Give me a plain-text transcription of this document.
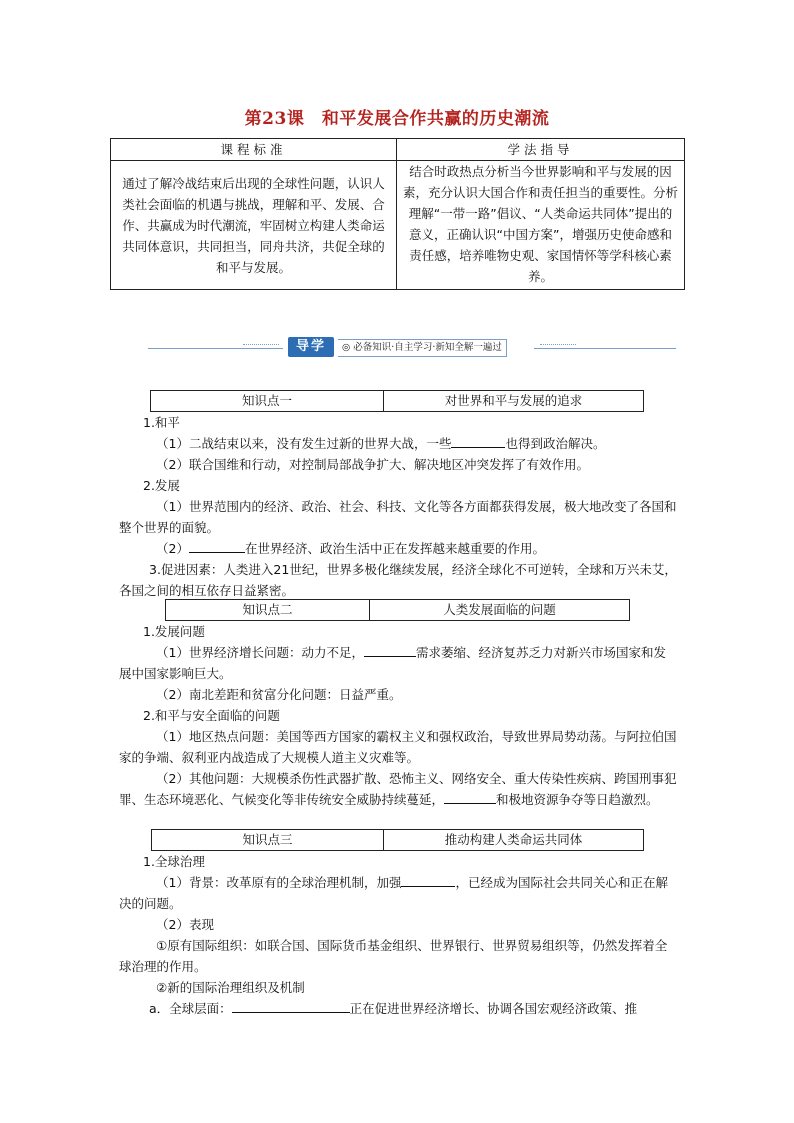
第23课　和平发展合作共赢的历史潮流
课程标准	学法指导
通过了解冷战结束后出现的全球性问题，认识人类社会面临的机遇与挑战，理解和平、发展、合作、共赢成为时代潮流，牢固树立构建人类命运共同体意识，共同担当，同舟共济，共促全球的和平与发展。	结合时政热点分析当今世界影响和平与发展的因素，充分认识大国合作和责任担当的重要性。分析理解“一带一路”倡议、“人类命运共同体”提出的意义，正确认识“中国方案”，增强历史使命感和责任感，培养唯物史观、家国情怀等学科核心素养。
导学	◎ 必备知识·自主学习·新知全解一遍过
知识点一	对世界和平与发展的追求

1.和平

（1）二战结束以来，没有发生过新的世界大战，一些	也得到政治解决。

（2）联合国维和行动，对控制局部战争扩大、解决地区冲突发挥了有效作用。

2.发展

（1）世界范围内的经济、政治、社会、科技、文化等各方面都获得发展，极大地改变了各国和整个世界的面貌。

（2）	在世界经济、政治生活中正在发挥越来越重要的作用。

3.促进因素：人类进入21世纪，世界多极化继续发展，经济全球化不可逆转，全球和万兴未艾，各国之间的相互依存日益紧密。

知识点二	人类发展面临的问题

1.发展问题

（1）世界经济增长问题：动力不足，	需求萎缩、经济复苏乏力对新兴市场国家和发展中国家影响巨大。

（2）南北差距和贫富分化问题：日益严重。

2.和平与安全面临的问题

（1）地区热点问题：美国等西方国家的霸权主义和强权政治，导致世界局势动荡。与阿拉伯国家的争端、叙利亚内战造成了大规模人道主义灾难等。

（2）其他问题：大规模杀伤性武器扩散、恐怖主义、网络安全、重大传染性疾病、跨国刑事犯罪、生态环境恶化、气候变化等非传统安全威胁持续蔓延，	和极地资源争夺等日趋激烈。

知识点三	推动构建人类命运共同体

1.全球治理

（1）背景：改革原有的全球治理机制，加强	，已经成为国际社会共同关心和正在解决的问题。

（2）表现

①原有国际组织：如联合国、国际货币基金组织、世界银行、世界贸易组织等，仍然发挥着全球治理的作用。

②新的国际治理组织及机制

a．全球层面：	正在促进世界经济增长、协调各国宏观经济政策、推
